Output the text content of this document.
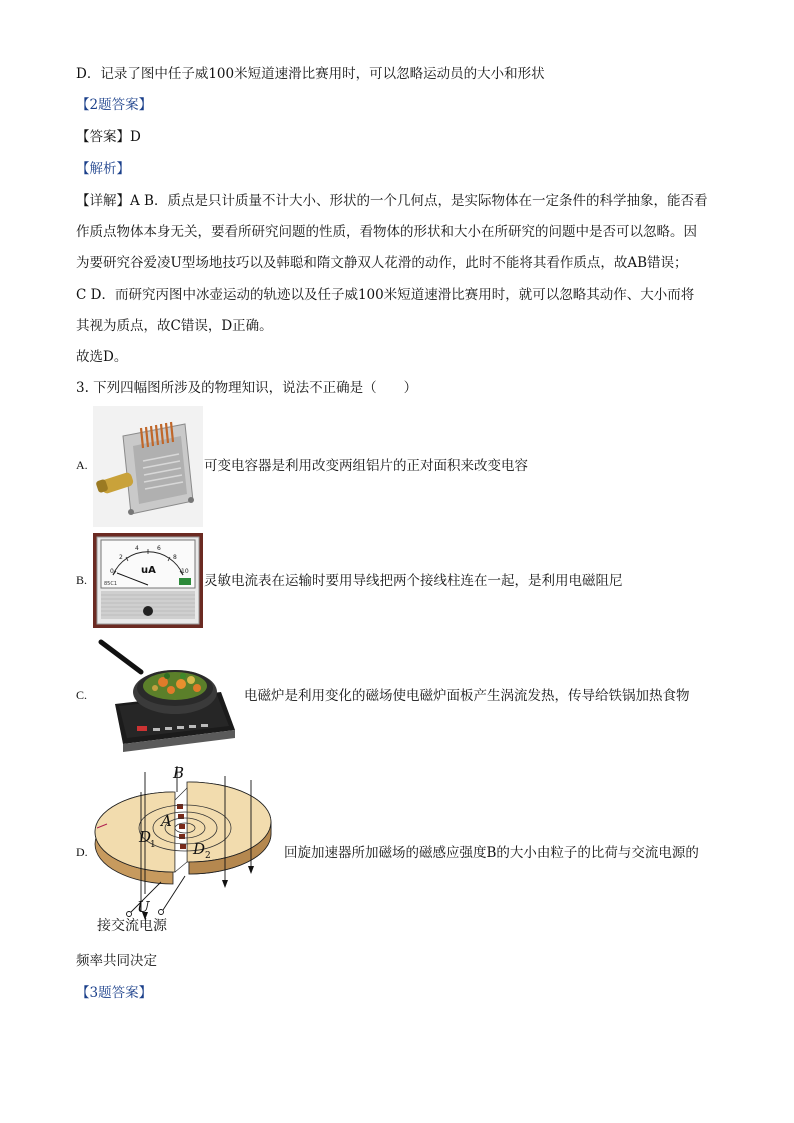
D．记录了图中任子威100米短道速滑比赛用时，可以忽略运动员的大小和形状
【2题答案】
【答案】D
【解析】
【详解】A B．质点是只计质量不计大小、形状的一个几何点，是实际物体在一定条件的科学抽象，能否看
作质点物体本身无关，要看所研究问题的性质，看物体的形状和大小在所研究的问题中是否可以忽略。因
为要研究谷爱凌U型场地技巧以及韩聪和隋文静双人花滑的动作，此时不能将其看作质点，故AB错误；
C D．而研究丙图中冰壶运动的轨迹以及任子威100米短道速滑比赛用时，就可以忽略其动作、大小而将
其视为质点，故C错误，D正确。
故选D。
3. 下列四幅图所涉及的物理知识，说法不正确是（　　）
A.	可变电容器是利用改变两组铝片的正对面积来改变电容
B.
0
2
4	6
8
10
uA
85C1	灵敏电流表在运输时要用导线把两个接线柱连在一起，是利用电磁阻尼
C.	电磁炉是利用变化的磁场使电磁炉面板产生涡流发热，传导给铁锅加热食物
D.
B
A
D
D
U
1
2
接交流电源
回旋加速器所加磁场的磁感应强度B的大小由粒子的比荷与交流电源的
频率共同决定
【3题答案】
